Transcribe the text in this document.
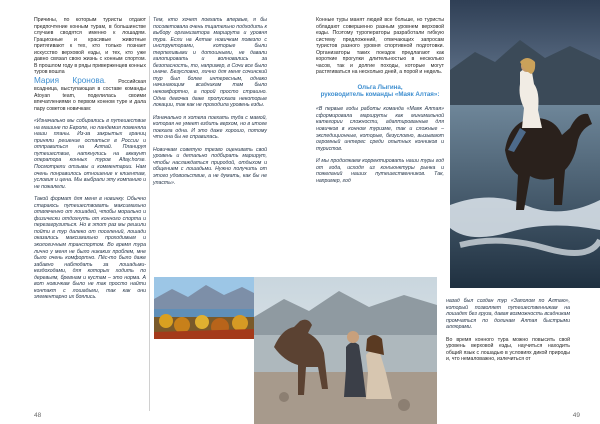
Причины, по которым туристы отдают предпочтение конным турам, в большинстве случаев сводятся именно к лошадям. Грациозные и красивые животные притягивают к тех, кто только познает искусство верховой езды, и тех, кто уже давно связал свою жизнь с конным спортом. В прошлом году в ряды приверженцев конных туров вошла

Мария Кронова. Российская всадница, выступающая в составе команды Atoyan team, поделилась своими впечатлениями о первом конном туре и дала пару советов новичкам:

«Изначально мы собирались в путешествие на машине по Европе, но пандемия поменяла наши планы. Из-за закрытых границ приняли решение остаться в России и отправиться на Алтай. Планируя путешествие, наткнулись на аккаунт оператора конных туров Altay.horse. Посмотрели отзывы и комментарии. Нам очень понравилось отношение к клиентам, условия и цена. Мы выбрали эту компанию и не пожалели.

Такой формат для меня в новинку. Обычно стараюсь путешествовать максимально отвлеченно от лошадей, чтобы морально и физически отдохнуть от конного спорта и перезагрузиться. Но в этот раз мы решили пойти в тур далеко от поселений, лошади оказались максимально проходимым и экологичным транспортом. Во время тура лично у меня не было никаких проблем, мне было очень комфортно. Пёс-то было даже забавно наблюдать за лошадьми-кездоходами, для которых ходить по деревьям, бревнам и кустам – это норма. А вот новичкам было не так просто найти контакт с лошадьми, так как они элементарно их боялись.

Тем, кто хочет поехать впервые, я бы посоветовала очень тщательно подходить к выбору организатора маршрута и уровня тура. Если на Алтае новичкам повезло с инструкторами, которые были терпеливыми и дотошными, не давали галопировать и волновались за безопасность, то, например, в Сочи все было иначе. Безусловно, лично для меня сочинский тур был более интересным, однако начинающим всадникам там было некомфортно, а порой просто страшно. Одна девочка даже пропускала некоторые локации, так как не проходила уровень езды.

Изначально я хотела поехать туда с мамой, которая не умеет ездить верхом, но в итоге поехала одна. И это даже хорошо, потому что она бы не справилась.

Новичкам советую трезво оценивать свой уровень и детально подбирать маршрут, чтобы наслаждаться природой, отдыхом и общением с лошадьми. Нужно получить от этого удовольствие, а не думать, как бы не упасть».

Конные туры манят людей все больше, но туристы обладают совершенно разным уровнем верховой езды. Поэтому туроператоры разработали гибкую систему предложений, отвечающих запросам туристов разного уровня спортивной подготовки. Организаторы таких поездок предлагают как короткие прогулки длительностью в несколько часов, так и долгие походы, которые могут растягиваться на несколько дней, а порой и недель.

Ольга Лыгина,

руководитель команды «Маяк Алтая»:

«В первые годы работы команда «Маяк Алтая» сформировала маршруты как минимальной категории сложности, адаптированные для новичков в конном туризме, так и сложные – экспедиционные, которые, безусловно, вызывают огромный интерес среди опытных конников и туристов.

И мы продолжаем корректировать наши туры год от года, исходя из конъюнктуры рынка и пожеланий наших путешественников. Так, например, год

назад был создан тур «Заполом по Алтаю», который позволяет путешественникам на лошадях без груза, давая возможность всадникам промчаться по долинам Алтая быстрыми аллюрами.

Во время конного тура можно повысить свой уровень верховой езды, научиться находить общий язык с лошадью в условиях дикой природы и, что немаловажно, излечиться от

48	49
